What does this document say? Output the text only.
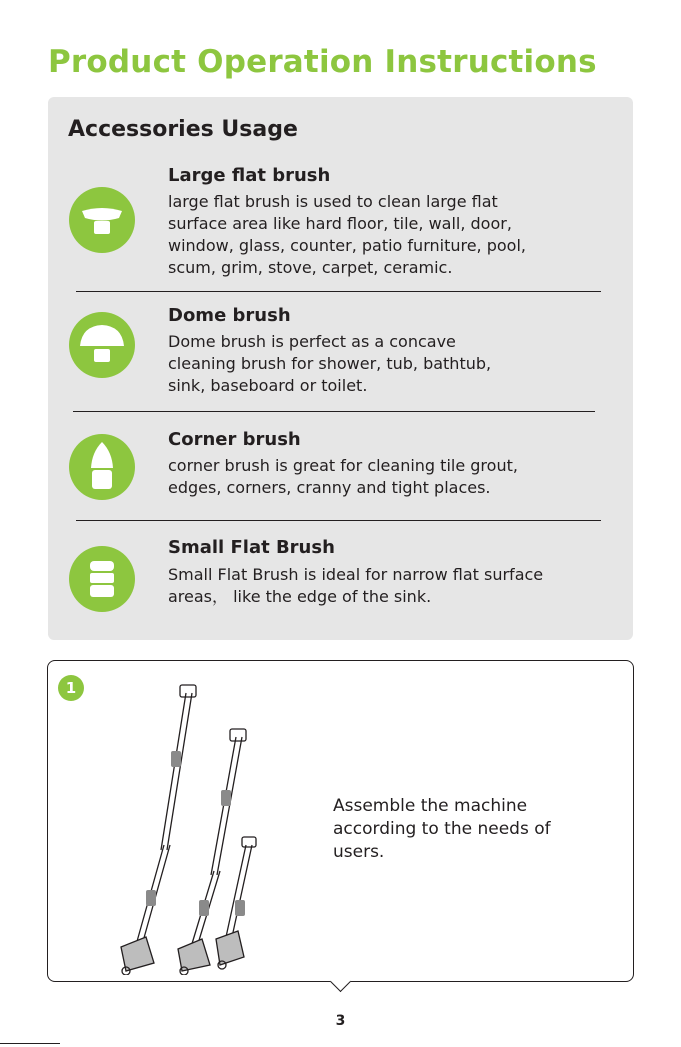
Product Operation Instructions
Accessories Usage
Large flat brush
large flat brush is used to clean large flat
surface area like hard floor, tile, wall, door,
window, glass, counter, patio furniture, pool,
scum, grim, stove, carpet, ceramic.
Dome brush
Dome brush is perfect as a concave
cleaning brush for shower, tub, bathtub,
sink, baseboard or toilet.
Corner brush
corner brush is great for cleaning tile grout,
edges, corners, cranny and tight places.
Small Flat Brush
Small Flat Brush is ideal for narrow flat surface
areas， like the edge of the sink.
1
Assemble the machine
according to the needs of
users.
3
